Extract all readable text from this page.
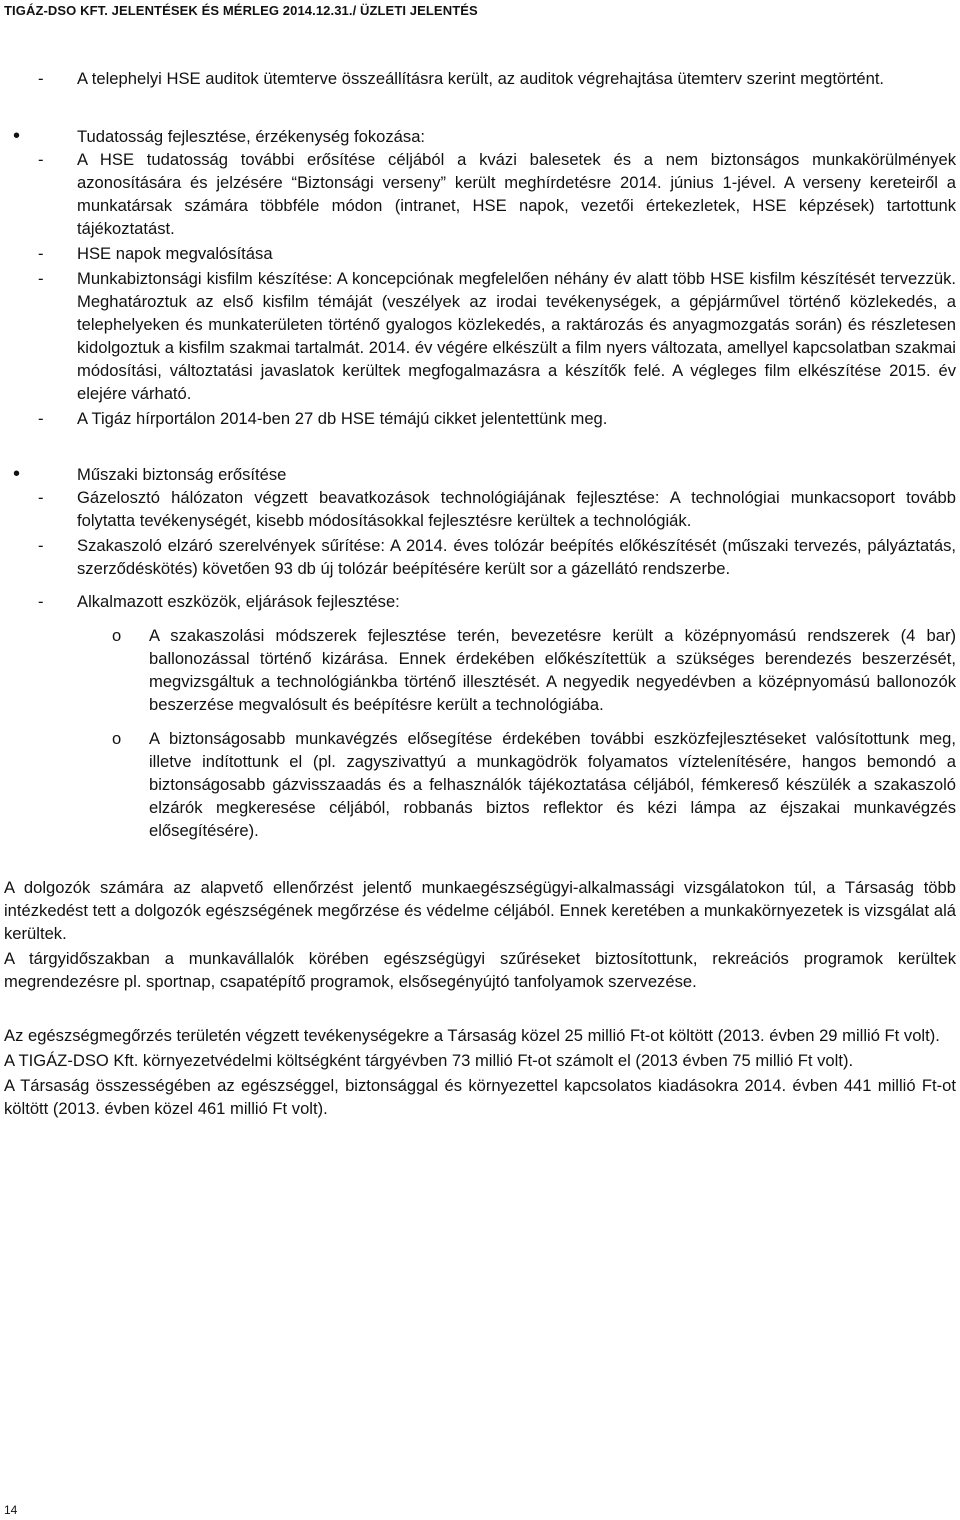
TIGÁZ-DSO KFT. JELENTÉSEK ÉS MÉRLEG 2014.12.31./ ÜZLETI JELENTÉS
- A telephelyi HSE auditok ütemterve összeállításra került, az auditok végrehajtása ütemterv szerint megtörtént.
• Tudatosság fejlesztése, érzékenység fokozása:
- A HSE tudatosság további erősítése céljából a kvázi balesetek és a nem biztonságos munkakörülmények azonosítására és jelzésére “Biztonsági verseny” került meghírdetésre 2014. június 1-jével. A verseny kereteiről a munkatársak számára többféle módon (intranet, HSE napok, vezetői értekezletek, HSE képzések) tartottunk tájékoztatást.
- HSE napok megvalósítása
- Munkabiztonsági kisfilm készítése: A koncepciónak megfelelően néhány év alatt több HSE kisfilm készítését tervezzük. Meghatároztuk az első kisfilm témáját (veszélyek az irodai tevékenységek, a gépjárművel történő közlekedés, a telephelyeken és munkaterületen történő gyalogos közlekedés, a raktározás és anyagmozgatás során) és részletesen kidolgoztuk a kisfilm szakmai tartalmát. 2014. év végére elkészült a film nyers változata, amellyel kapcsolatban szakmai módosítási, változtatási javaslatok kerültek megfogalmazásra a készítők felé. A végleges film elkészítése 2015. év elejére várható.
- A Tigáz hírportálon 2014-ben 27 db HSE témájú cikket jelentettünk meg.
• Műszaki biztonság erősítése
- Gázelosztó hálózaton végzett beavatkozások technológiájának fejlesztése: A technológiai munkacsoport tovább folytatta tevékenységét, kisebb módosításokkal fejlesztésre kerültek a technológiák.
- Szakaszoló elzáró szerelvények sűrítése: A 2014. éves tolózár beépítés előkészítését (műszaki tervezés, pályáztatás, szerződéskötés) követően 93 db új tolózár beépítésére került sor a gázellátó rendszerbe.
- Alkalmazott eszközök, eljárások fejlesztése:
o A szakaszolási módszerek fejlesztése terén, bevezetésre került a középnyomású rendszerek (4 bar) ballonozással történő kizárása. Ennek érdekében előkészítettük a szükséges berendezés beszerzését, megvizsgáltuk a technológiánkba történő illesztését. A negyedik negyedévben a középnyomású ballonozók beszerzése megvalósult és beépítésre került a technológiába.
o A biztonságosabb munkavégzés elősegítése érdekében további eszközfejlesztéseket valósítottunk meg, illetve indítottunk el (pl. zagyszivattyú a munkagödrök folyamatos víztelenítésére, hangos bemondó a biztonságosabb gázvisszaadás és a felhasználók tájékoztatása céljából, fémkereső készülék a szakaszoló elzárók megkeresése céljából, robbanás biztos reflektor és kézi lámpa az éjszakai munkavégzés elősegítésére).
A dolgozók számára az alapvető ellenőrzést jelentő munkaegészségügyi-alkalmassági vizsgálatokon túl, a Társaság több intézkedést tett a dolgozók egészségének megőrzése és védelme céljából. Ennek keretében a munkakörnyezetek is vizsgálat alá kerültek.
A tárgyidőszakban a munkavállalók körében egészségügyi szűréseket biztosítottunk, rekreációs programok kerültek megrendezésre pl. sportnap, csapatépítő programok, elsősegényújtó tanfolyamok szervezése.
Az egészségmegőrzés területén végzett tevékenységekre a Társaság közel 25 millió Ft-ot költött (2013. évben 29 millió Ft volt).
A TIGÁZ-DSO Kft. környezetvédelmi költségként tárgyévben 73 millió Ft-ot számolt el (2013 évben 75 millió Ft volt).
A Társaság összességében az egészséggel, biztonsággal és környezettel kapcsolatos kiadásokra 2014. évben 441 millió Ft-ot költött (2013. évben közel 461 millió Ft volt).
14
